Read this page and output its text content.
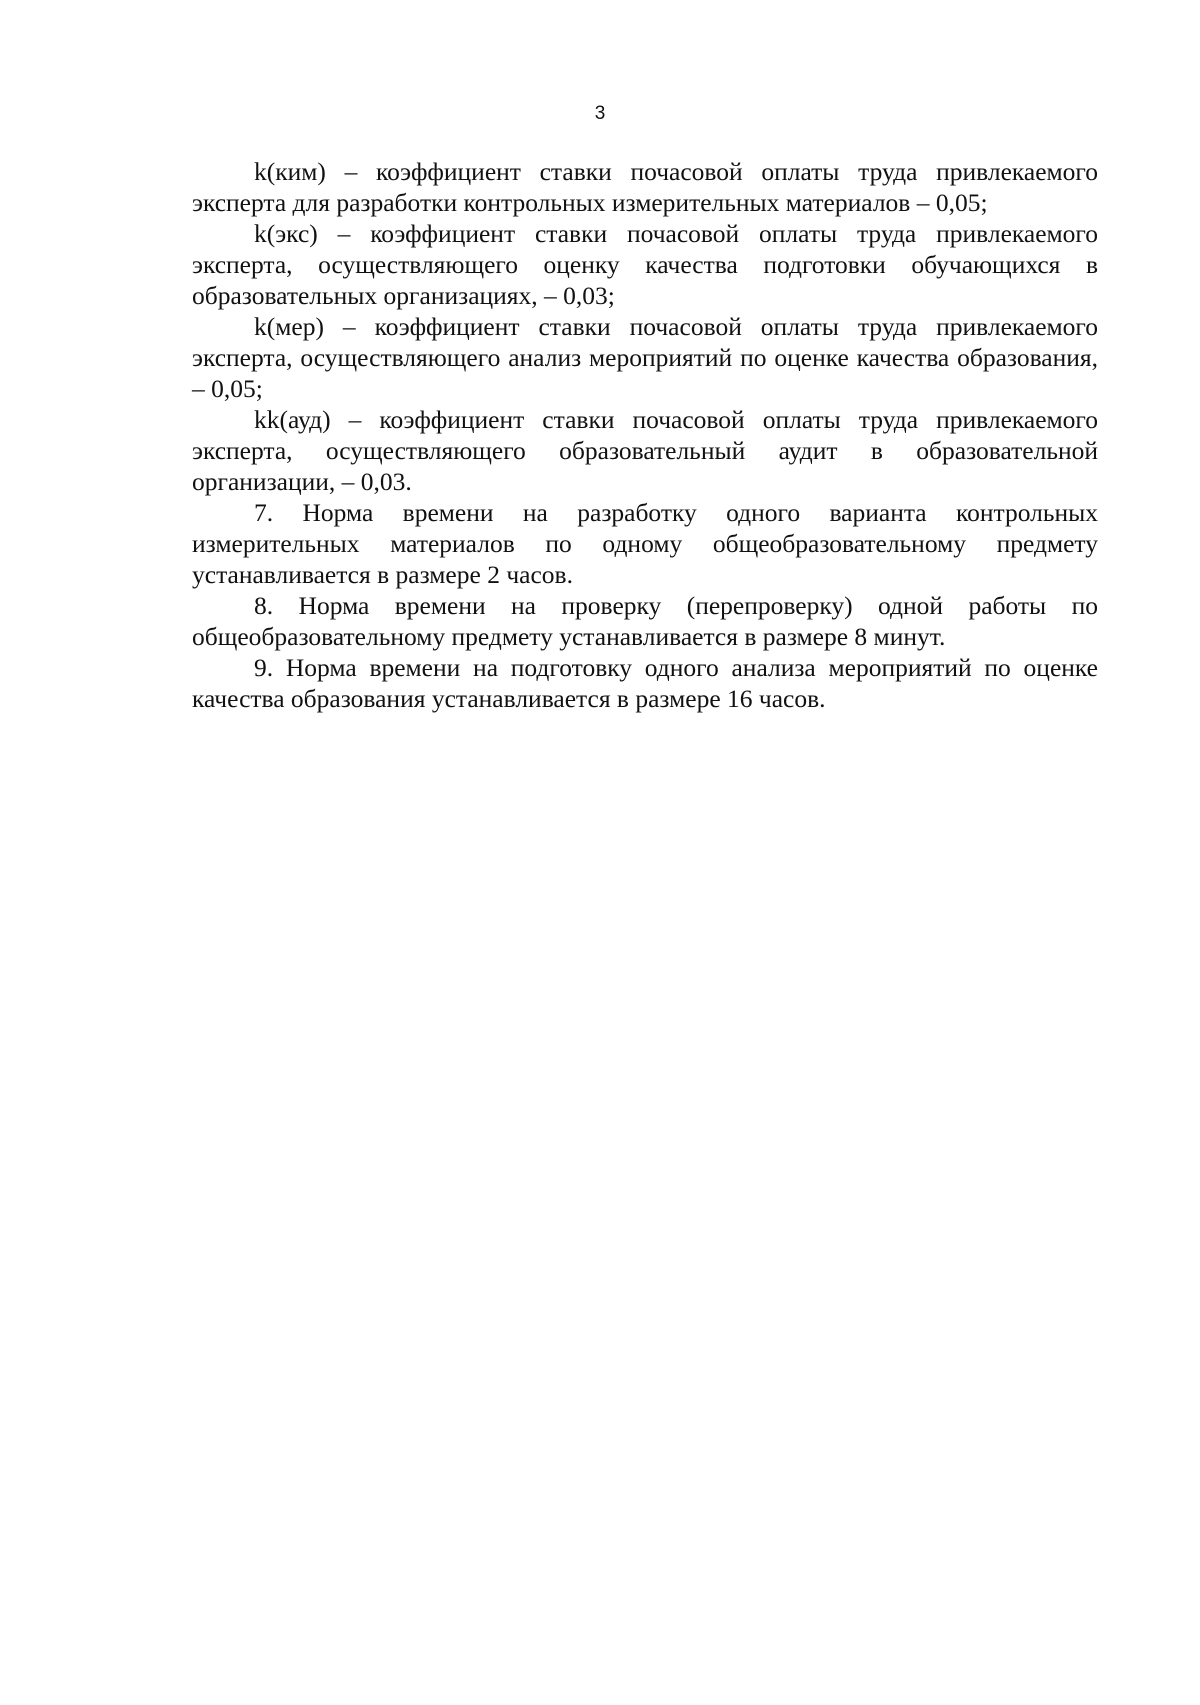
3

k(ким) – коэффициент ставки почасовой оплаты труда привлекаемого эксперта для разработки контрольных измерительных материалов – 0,05;

k(экс) – коэффициент ставки почасовой оплаты труда привлекаемого эксперта, осуществляющего оценку качества подготовки обучающихся в образовательных организациях, – 0,03;

k(мер) – коэффициент ставки почасовой оплаты труда привлекаемого эксперта, осуществляющего анализ мероприятий по оценке качества образования, – 0,05;

kk(ауд) – коэффициент ставки почасовой оплаты труда привлекаемого эксперта, осуществляющего образовательный аудит в образовательной организации, – 0,03.

7. Норма времени на разработку одного варианта контрольных измерительных материалов по одному общеобразовательному предмету устанавливается в размере 2 часов.

8. Норма времени на проверку (перепроверку) одной работы по общеобразовательному предмету устанавливается в размере 8 минут.

9. Норма времени на подготовку одного анализа мероприятий по оценке качества образования устанавливается в размере 16 часов.
